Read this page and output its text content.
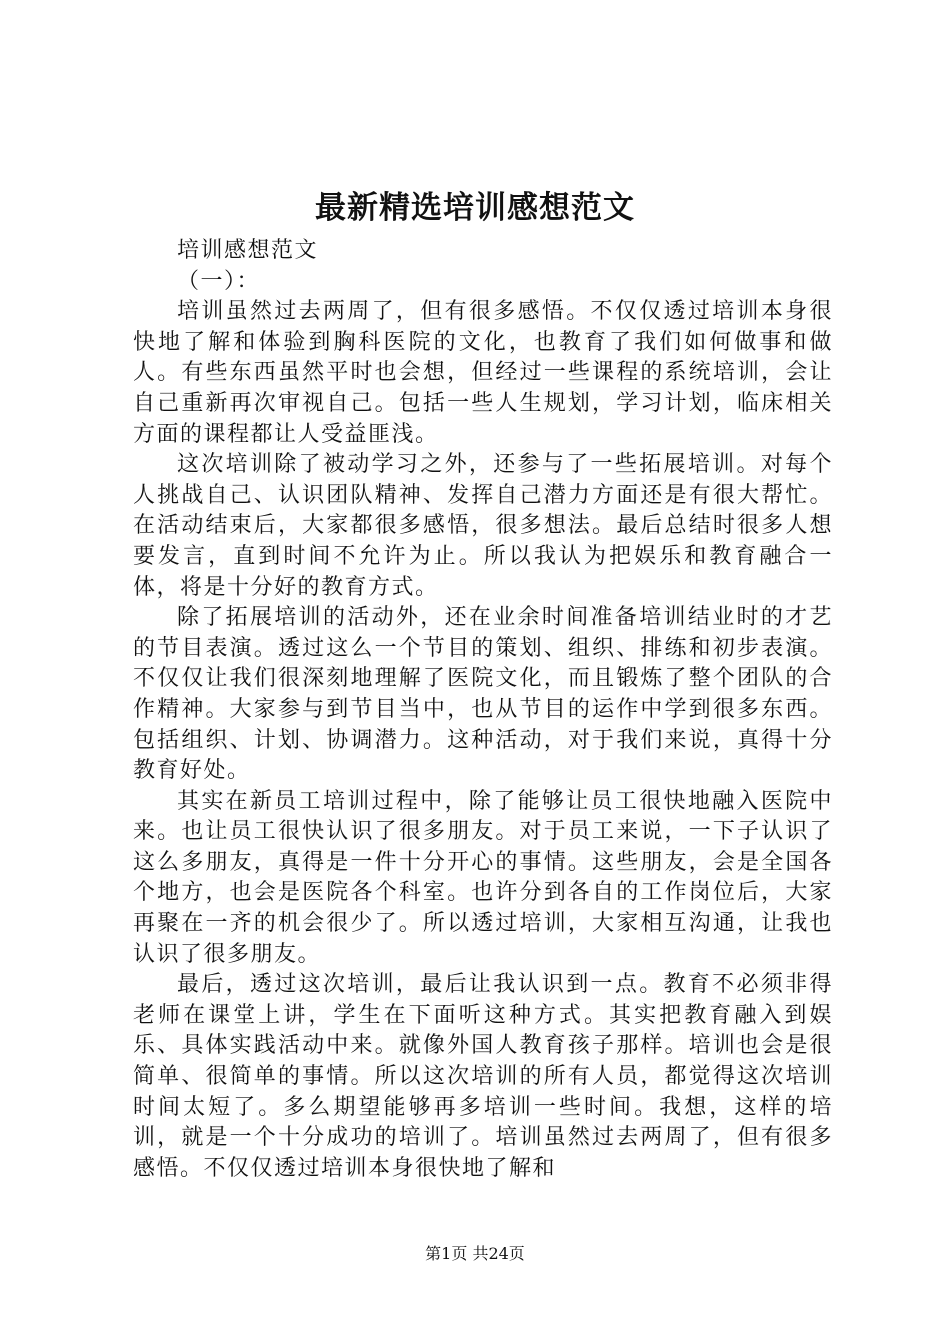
最新精选培训感想范文

培训感想范文

（一）：

培训虽然过去两周了，但有很多感悟。不仅仅透过培训本身很快地了解和体验到胸科医院的文化，也教育了我们如何做事和做人。有些东西虽然平时也会想，但经过一些课程的系统培训，会让自己重新再次审视自己。包括一些人生规划，学习计划，临床相关方面的课程都让人受益匪浅。

这次培训除了被动学习之外，还参与了一些拓展培训。对每个人挑战自己、认识团队精神、发挥自己潜力方面还是有很大帮忙。在活动结束后，大家都很多感悟，很多想法。最后总结时很多人想要发言，直到时间不允许为止。所以我认为把娱乐和教育融合一体，将是十分好的教育方式。

除了拓展培训的活动外，还在业余时间准备培训结业时的才艺的节目表演。透过这么一个节目的策划、组织、排练和初步表演。不仅仅让我们很深刻地理解了医院文化，而且锻炼了整个团队的合作精神。大家参与到节目当中，也从节目的运作中学到很多东西。包括组织、计划、协调潜力。这种活动，对于我们来说，真得十分教育好处。

其实在新员工培训过程中，除了能够让员工很快地融入医院中来。也让员工很快认识了很多朋友。对于员工来说，一下子认识了这么多朋友，真得是一件十分开心的事情。这些朋友，会是全国各个地方，也会是医院各个科室。也许分到各自的工作岗位后，大家再聚在一齐的机会很少了。所以透过培训，大家相互沟通，让我也认识了很多朋友。

最后，透过这次培训，最后让我认识到一点。教育不必须非得老师在课堂上讲，学生在下面听这种方式。其实把教育融入到娱乐、具体实践活动中来。就像外国人教育孩子那样。培训也会是很简单、很简单的事情。所以这次培训的所有人员，都觉得这次培训时间太短了。多么期望能够再多培训一些时间。我想，这样的培训，就是一个十分成功的培训了。培训虽然过去两周了，但有很多感悟。不仅仅透过培训本身很快地了解和

第1页 共24页
